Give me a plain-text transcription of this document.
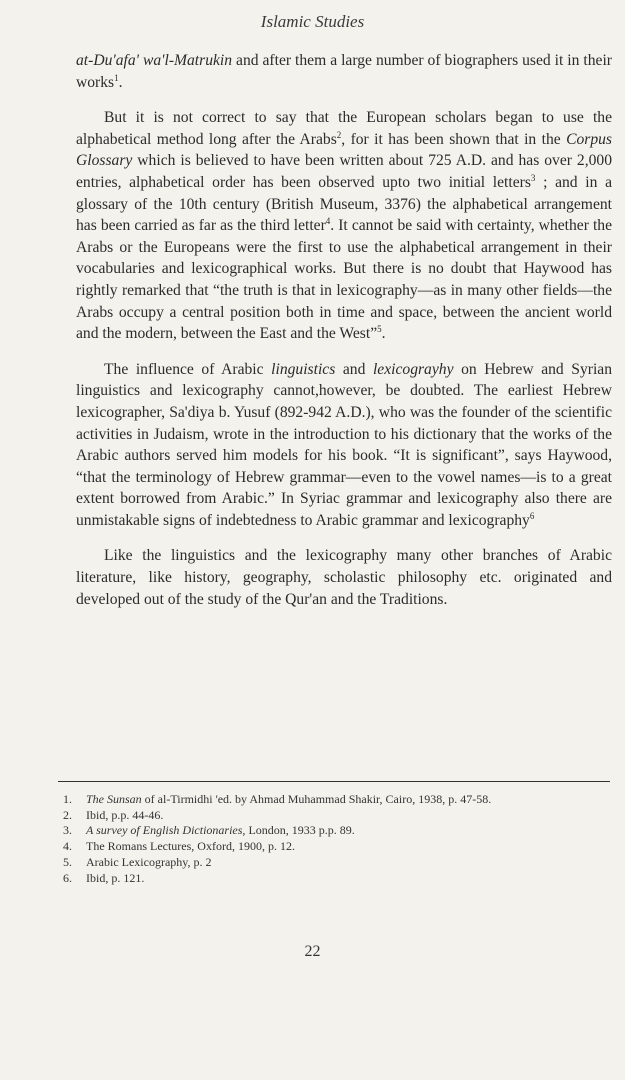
Islamic Studies

at-Du'afa' wa'l-Matrukin and after them a large number of biographers used it in their works$^1$.

But it is not correct to say that the European scholars began to use the alphabetical method long after the Arabs$^2$, for it has been shown that in the Corpus Glossary which is believed to have been written about 725 A.D. and has over 2,000 entries, alphabetical order has been observed upto two initial letters$^3$ ; and in a glossary of the 10th century (British Museum, 3376) the alphabetical arrangement has been carried as far as the third letter$^4$. It cannot be said with certainty, whether the Arabs or the Europeans were the first to use the alphabetical arrangement in their vocabularies and lexicographical works. But there is no doubt that Haywood has rightly remarked that “the truth is that in lexicography—as in many other fields—the Arabs occupy a central position both in time and space, between the ancient world and the modern, between the East and the West”$^5$.

The influence of Arabic linguistics and lexicograyhy on Hebrew and Syrian linguistics and lexicography cannot,however, be doubted. The earliest Hebrew lexicographer, Sa'diya b. Yusuf (892-942 A.D.), who was the founder of the scientific activities in Judaism, wrote in the introduction to his dictionary that the works of the Arabic authors served him models for his book. “It is significant”, says Haywood, “that the terminology of Hebrew grammar—even to the vowel names—is to a great extent borrowed from Arabic.” In Syriac grammar and lexicography also there are unmistakable signs of indebtedness to Arabic grammar and lexicography$^6$

Like the linguistics and the lexicography many other branches of Arabic literature, like history, geography, scholastic philosophy etc. originated and developed out of the study of the Qur'an and the Traditions.

1. The Sunsan of al-Tirmidhi 'ed. by Ahmad Muhammad Shakir, Cairo, 1938, p. 47-58.
2. Ibid, p.p. 44-46.
3. A survey of English Dictionaries, London, 1933 p.p. 89.
4. The Romans Lectures, Oxford, 1900, p. 12.
5. Arabic Lexicography, p. 2
6. Ibid, p. 121.
22
